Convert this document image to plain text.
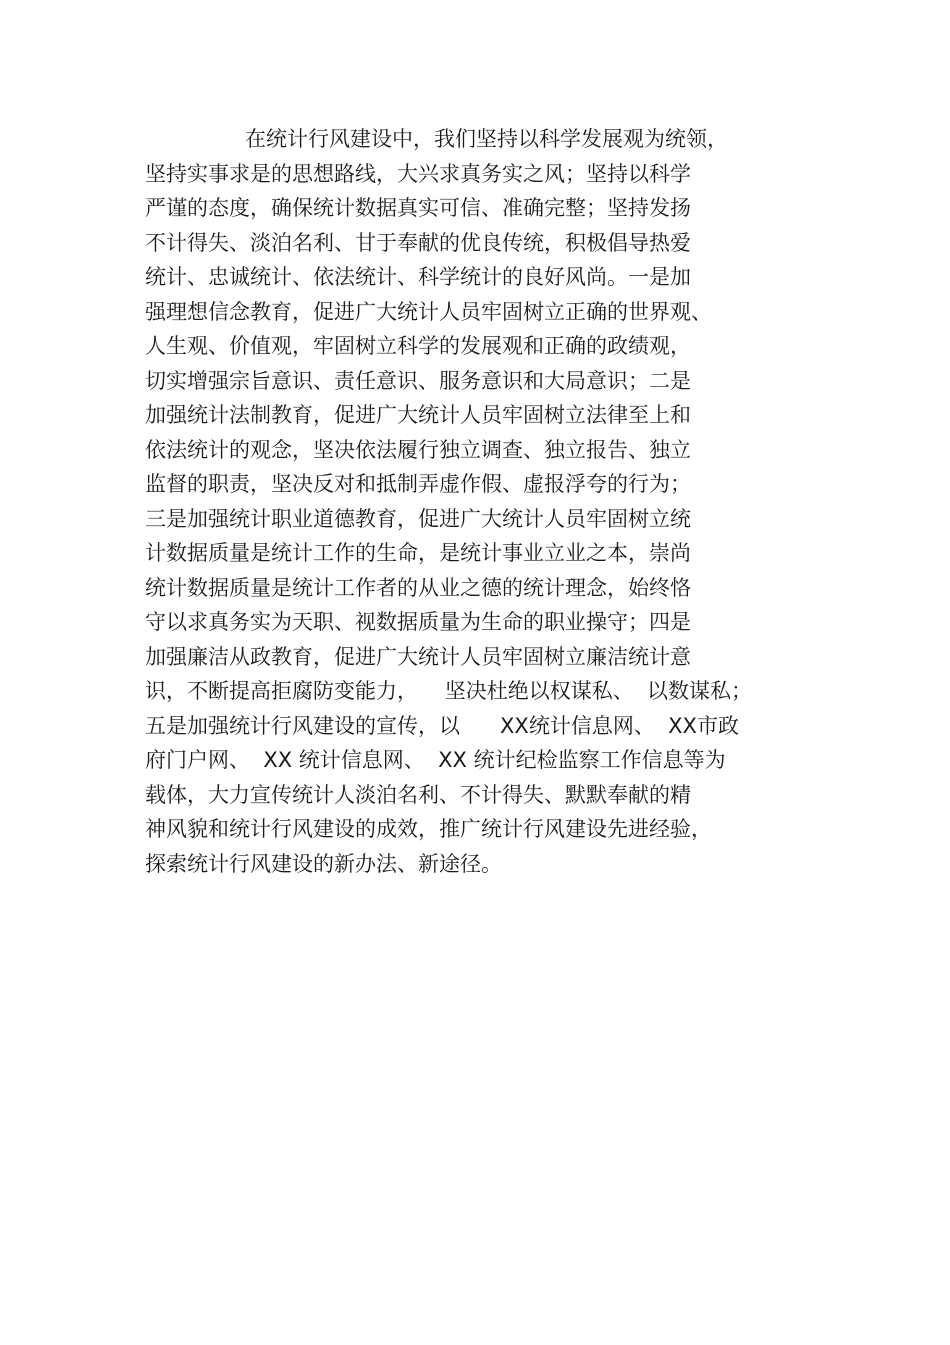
在统计行风建设中，我们坚持以科学发展观为统领，
坚持实事求是的思想路线，大兴求真务实之风；坚持以科学
严谨的态度，确保统计数据真实可信、准确完整；坚持发扬
不计得失、淡泊名利、甘于奉献的优良传统，积极倡导热爱
统计、忠诚统计、依法统计、科学统计的良好风尚。一是加
强理想信念教育，促进广大统计人员牢固树立正确的世界观、
人生观、价值观，牢固树立科学的发展观和正确的政绩观，
切实增强宗旨意识、责任意识、服务意识和大局意识；二是
加强统计法制教育，促进广大统计人员牢固树立法律至上和
依法统计的观念，坚决依法履行独立调查、独立报告、独立
监督的职责，坚决反对和抵制弄虚作假、虚报浮夸的行为；
三是加强统计职业道德教育，促进广大统计人员牢固树立统
计数据质量是统计工作的生命，是统计事业立业之本，崇尚
统计数据质量是统计工作者的从业之德的统计理念，始终恪
守以求真务实为天职、视数据质量为生命的职业操守；四是
加强廉洁从政教育，促进广大统计人员牢固树立廉洁统计意
识，不断提高拒腐防变能力，    坚决杜绝以权谋私、  以数谋私；
五是加强统计行风建设的宣传，以      XX统计信息网、  XX市政
府门户网、  XX 统计信息网、  XX 统计纪检监察工作信息等为
载体，大力宣传统计人淡泊名利、不计得失、默默奉献的精
神风貌和统计行风建设的成效，推广统计行风建设先进经验，
探索统计行风建设的新办法、新途径。
